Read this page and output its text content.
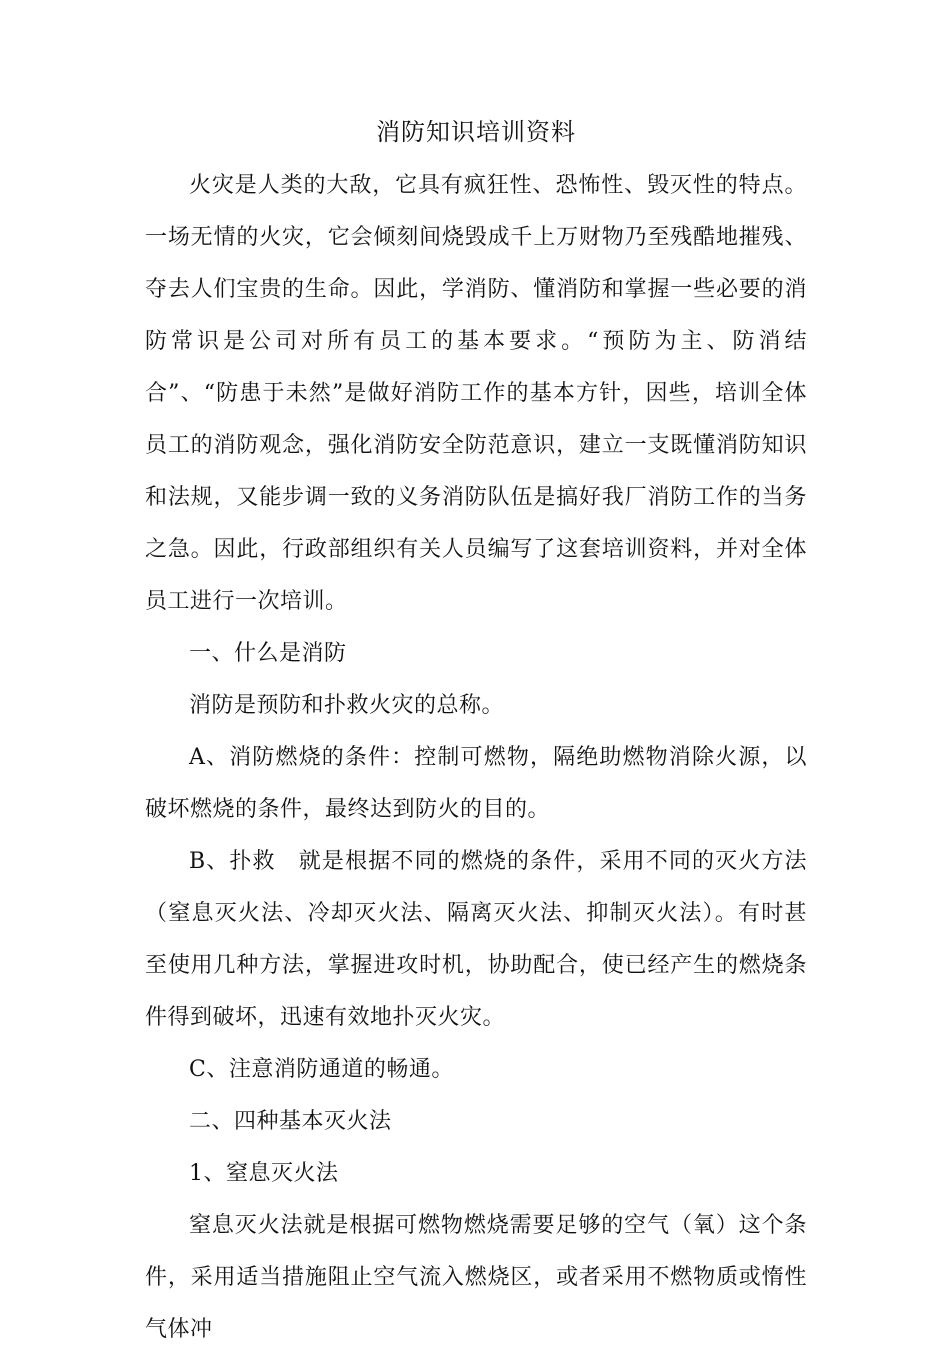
消防知识培训资料

火灾是人类的大敌，它具有疯狂性、恐怖性、毁灭性的特点。一场无情的火灾，它会倾刻间烧毁成千上万财物乃至残酷地摧残、夺去人们宝贵的生命。因此，学消防、懂消防和掌握一些必要的消防常识是公司对所有员工的基本要求。“预防为主、防消结合”、“防患于未然”是做好消防工作的基本方针，因些，培训全体员工的消防观念，强化消防安全防范意识，建立一支既懂消防知识和法规，又能步调一致的义务消防队伍是搞好我厂消防工作的当务之急。因此，行政部组织有关人员编写了这套培训资料，并对全体员工进行一次培训。

一、什么是消防

消防是预防和扑救火灾的总称。

A、消防燃烧的条件：控制可燃物，隔绝助燃物消除火源，以破坏燃烧的条件，最终达到防火的目的。

B、扑救　就是根据不同的燃烧的条件，采用不同的灭火方法（窒息灭火法、冷却灭火法、隔离灭火法、抑制灭火法）。有时甚至使用几种方法，掌握进攻时机，协助配合，使已经产生的燃烧条件得到破坏，迅速有效地扑灭火灾。

C、注意消防通道的畅通。

二、四种基本灭火法

1、窒息灭火法

窒息灭火法就是根据可燃物燃烧需要足够的空气（氧）这个条件，采用适当措施阻止空气流入燃烧区，或者采用不燃物质或惰性气体冲
